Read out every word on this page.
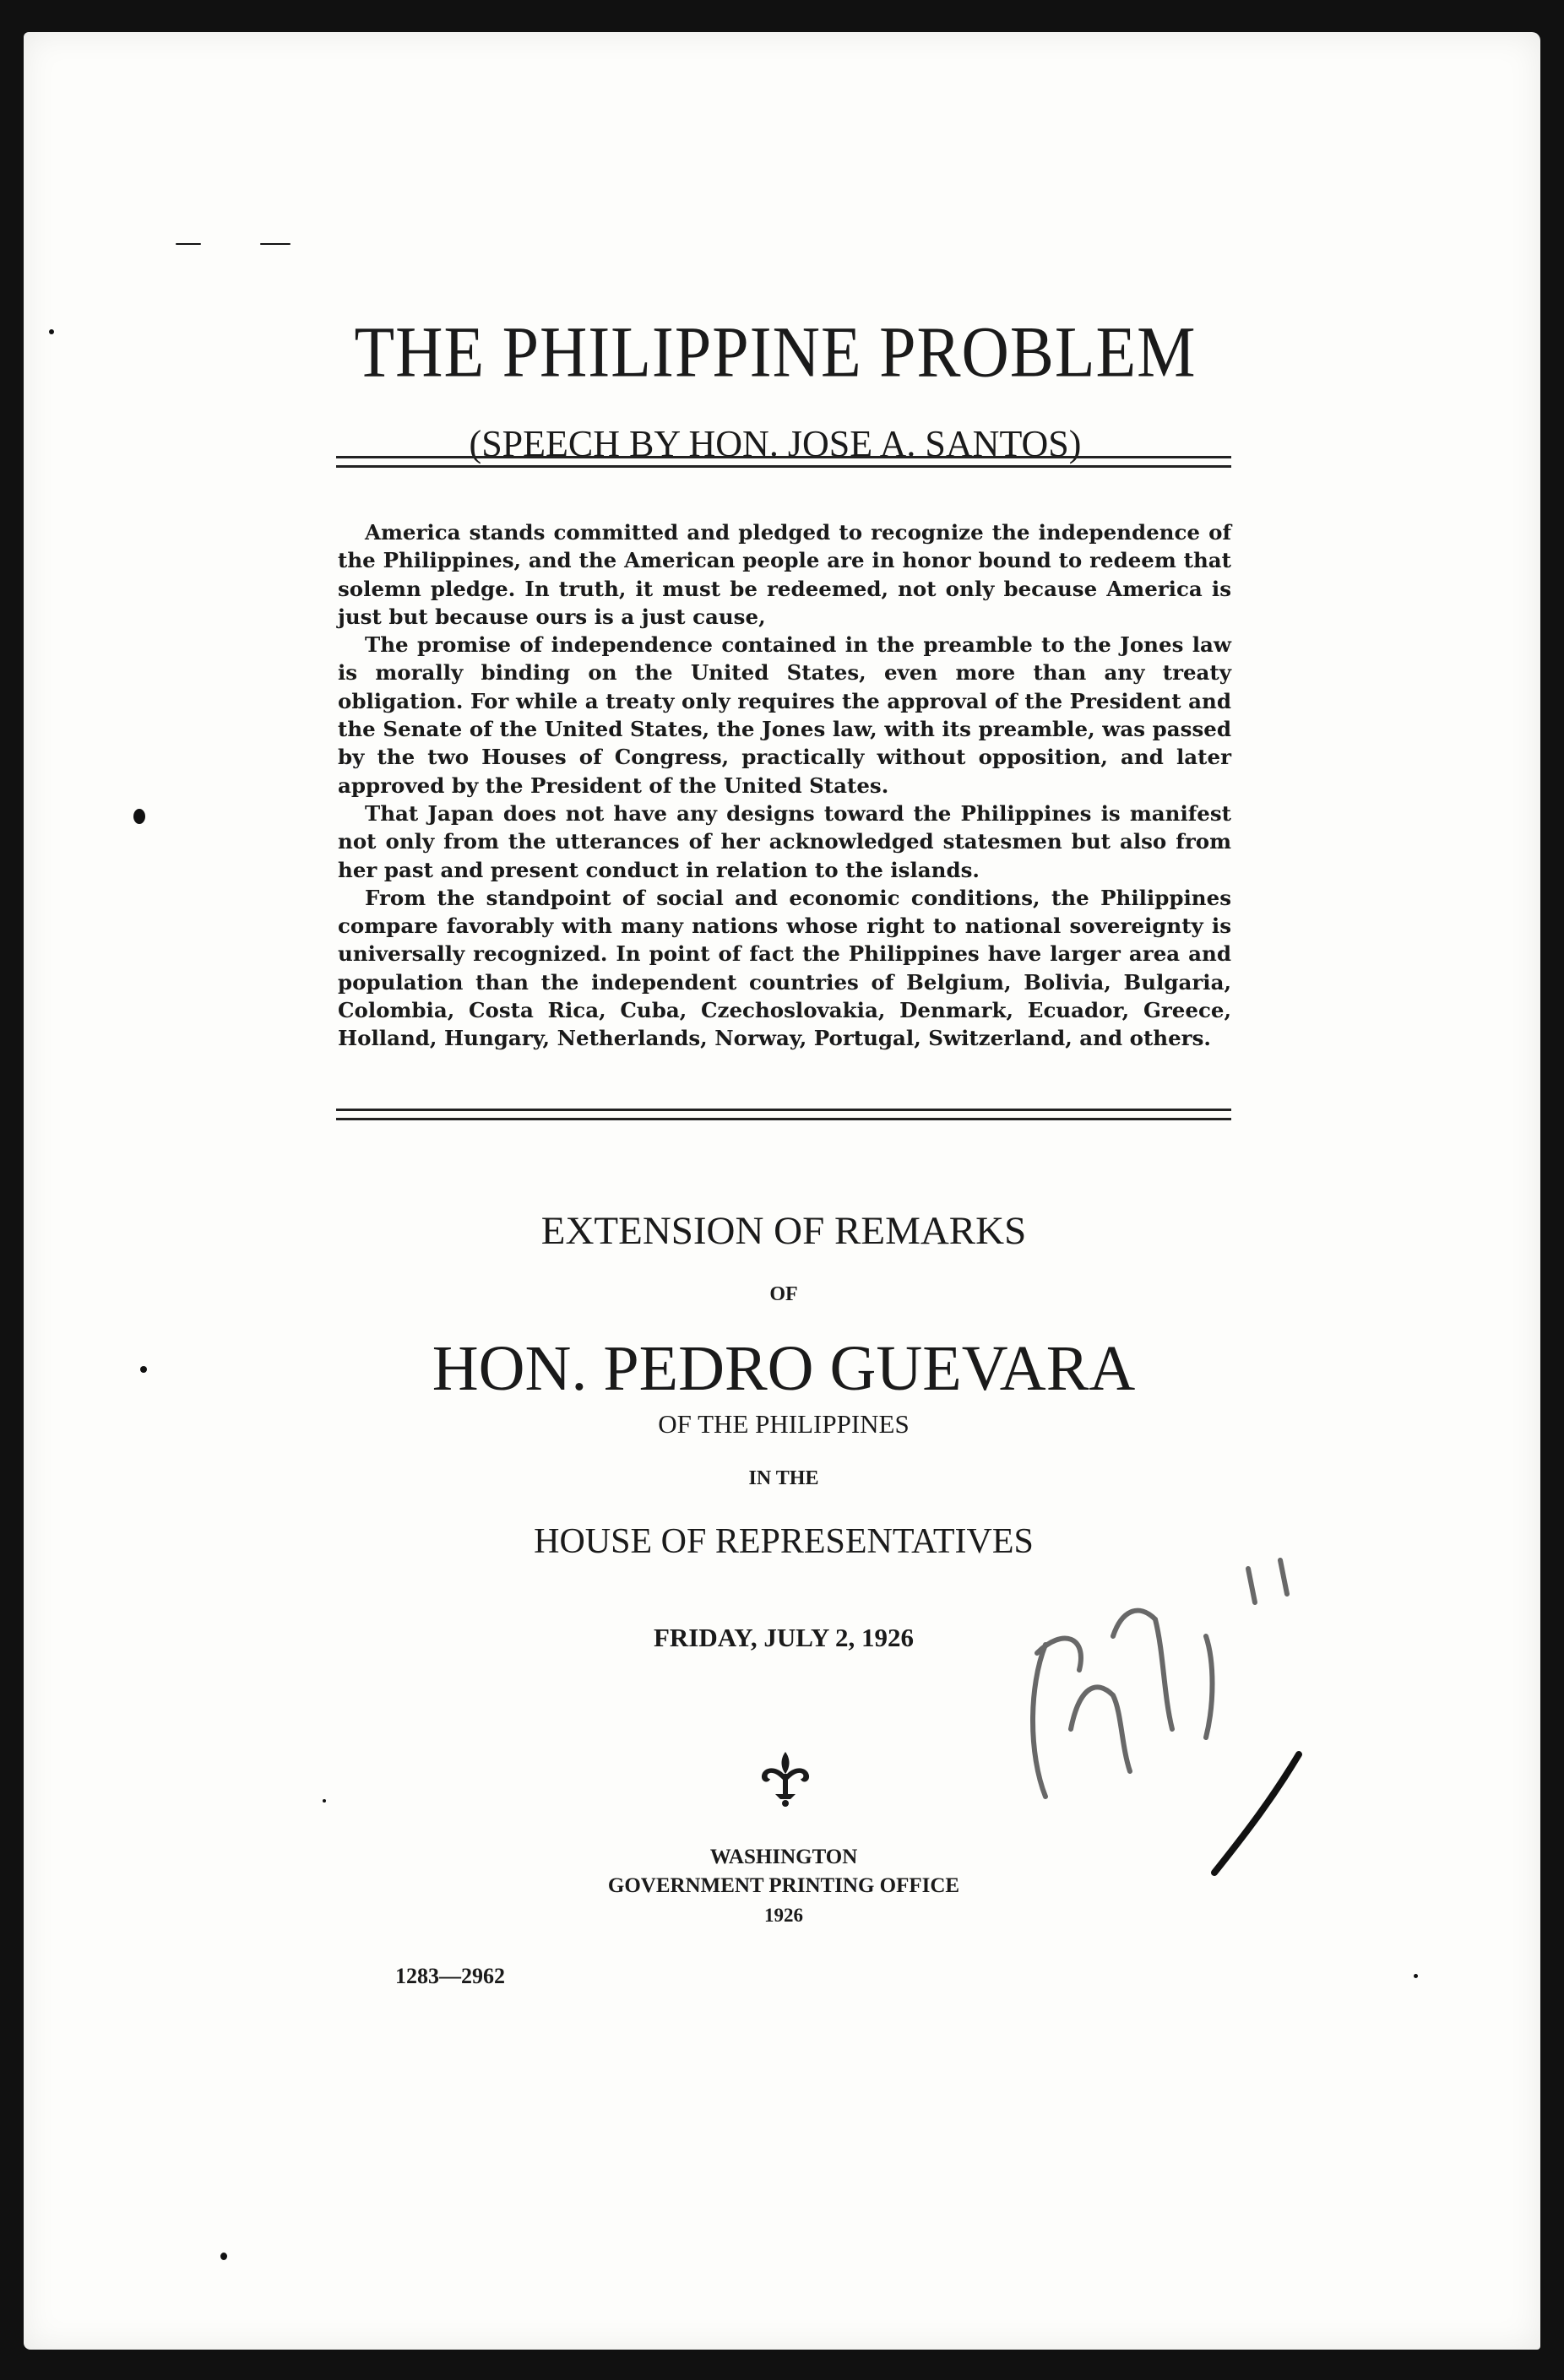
THE PHILIPPINE PROBLEM
(SPEECH BY HON. JOSE A. SANTOS)

America stands committed and pledged to recognize the independence of the Philippines, and the American people are in honor bound to redeem that solemn pledge. In truth, it must be redeemed, not only because America is just but because ours is a just cause,

The promise of independence contained in the preamble to the Jones law is morally binding on the United States, even more than any treaty obligation. For while a treaty only requires the approval of the President and the Senate of the United States, the Jones law, with its preamble, was passed by the two Houses of Congress, practically without opposition, and later approved by the President of the United States.

That Japan does not have any designs toward the Philippines is manifest not only from the utterances of her acknowledged statesmen but also from her past and present conduct in relation to the islands.

From the standpoint of social and economic conditions, the Philippines compare favorably with many nations whose right to national sovereignty is universally recognized. In point of fact the Philippines have larger area and population than the independent countries of Belgium, Bolivia, Bulgaria, Colombia, Costa Rica, Cuba, Czechoslovakia, Denmark, Ecuador, Greece, Holland, Hungary, Netherlands, Norway, Portugal, Switzerland, and others.

EXTENSION OF REMARKS
OF
HON. PEDRO GUEVARA
OF THE PHILIPPINES
IN THE
HOUSE OF REPRESENTATIVES
FRIDAY, JULY 2, 1926
WASHINGTON
GOVERNMENT PRINTING OFFICE
1926
1283—2962
